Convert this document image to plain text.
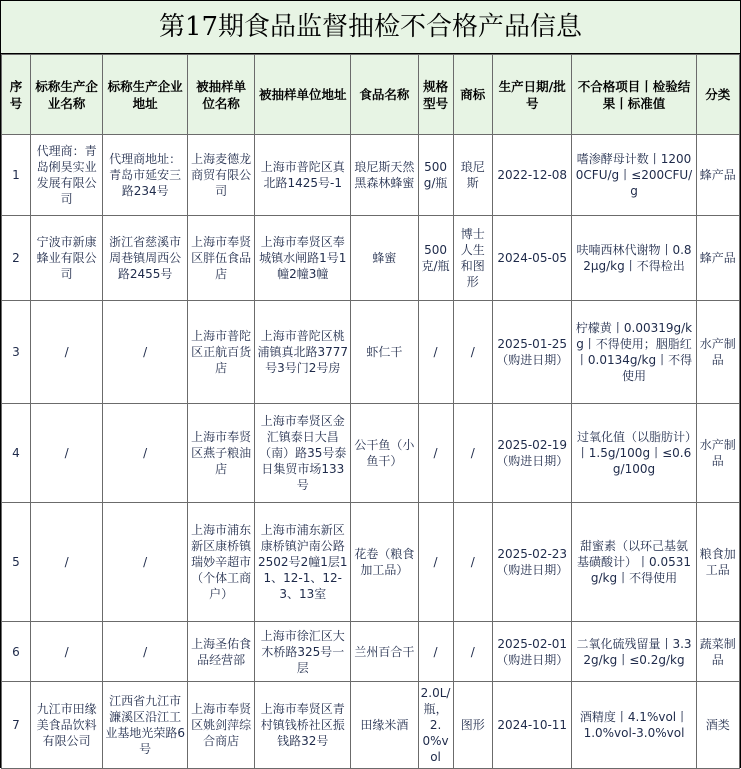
第17期食品监督抽检不合格产品信息
序号	标称生产企业名称	标称生产企业地址	被抽样单位名称	被抽样单位地址	食品名称	规格型号	商标	生产日期/批号	不合格项目丨检验结果丨标准值	分类
1	代理商：青岛俐昊实业发展有限公司	代理商地址：青岛市延安三路234号	上海麦德龙商贸有限公司	上海市普陀区真北路1425号-1	琅尼斯天然黑森林蜂蜜	500g/瓶	琅尼斯	2022-12-08	嗜渗酵母计数丨12000CFU/g丨≤200CFU/g	蜂产品
2	宁波市新康蜂业有限公司	浙江省慈溪市周巷镇周西公路2455号	上海市奉贤区胖伍食品店	上海市奉贤区奉城镇水闸路1号1幢2幢3幢	蜂蜜	500克/瓶	博士人生和图形	2024-05-05	呋喃西林代谢物丨0.82μg/kg丨不得检出	蜂产品
3	/	/	上海市普陀区正航百货店	上海市普陀区桃浦镇真北路3777号3号门2号房	虾仁干	/	/	2025-01-25（购进日期）	柠檬黄丨0.00319g/kg丨不得使用；胭脂红丨0.0134g/kg丨不得使用	水产制品
4	/	/	上海市奉贤区燕子粮油店	上海市奉贤区金汇镇泰日大昌（南）路35号泰日集贸市场133号	公干鱼（小鱼干）	/	/	2025-02-19（购进日期）	过氧化值（以脂肪计）丨1.5g/100g丨≤0.6g/100g	水产制品
5	/	/	上海市浦东新区康桥镇瑞妙辛超市（个体工商户）	上海市浦东新区康桥镇沪南公路2502号2幢1层11、12-1、12-3、13室	花卷（粮食加工品）	/	/	2025-02-23（购进日期）	甜蜜素（以环己基氨基磺酸计）丨0.0531g/kg丨不得使用	粮食加工品
6	/	/	上海圣佑食品经营部	上海市徐汇区大木桥路325号一层	兰州百合干	/	/	2025-02-01（购进日期）	二氧化硫残留量丨3.32g/kg丨≤0.2g/kg	蔬菜制品
7	九江市田缘美食品饮料有限公司	江西省九江市濂溪区沿江工业基地光荣路6号	上海市奉贤区姚剑萍综合商店	上海市奉贤区青村镇钱桥社区振钱路32号	田缘米酒	2.0L/瓶，2.0%vol	图形	2024-10-11	酒精度丨4.1%vol丨1.0%vol-3.0%vol	酒类
